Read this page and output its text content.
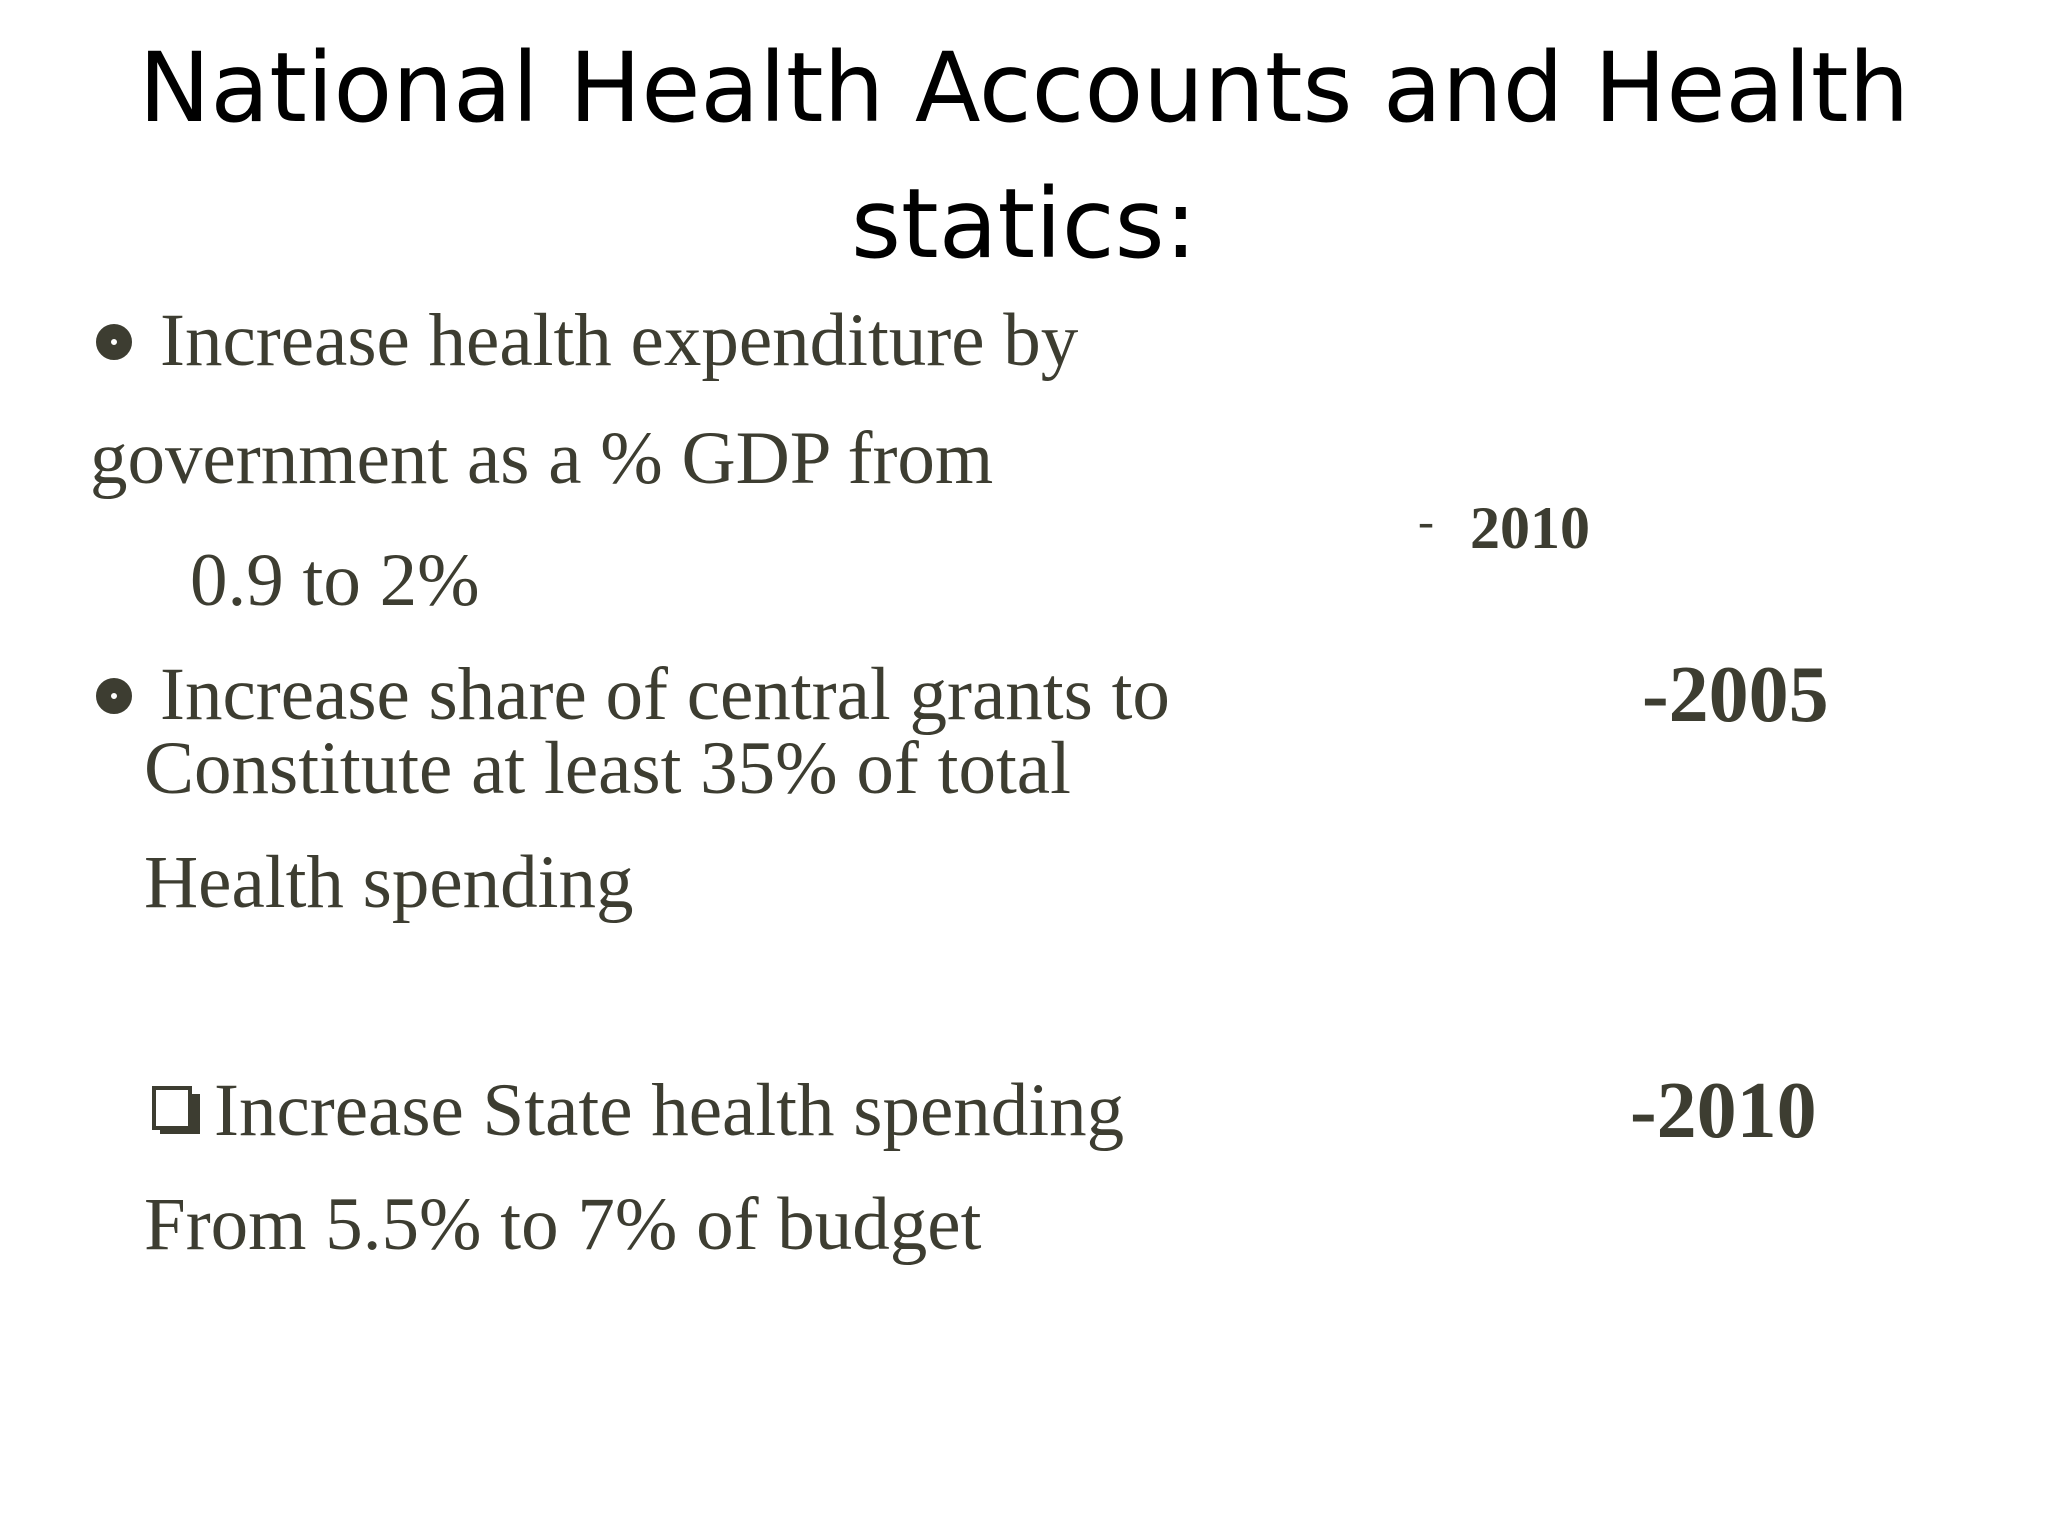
National Health Accounts and Health
statics:

Increase health expenditure by

government as a % GDP from

0.9 to 2%

- 2010

Increase share of central grants to

Constitute at least 35% of total

Health spending

-2005

Increase State health spending

From 5.5% to 7% of budget

-2010
